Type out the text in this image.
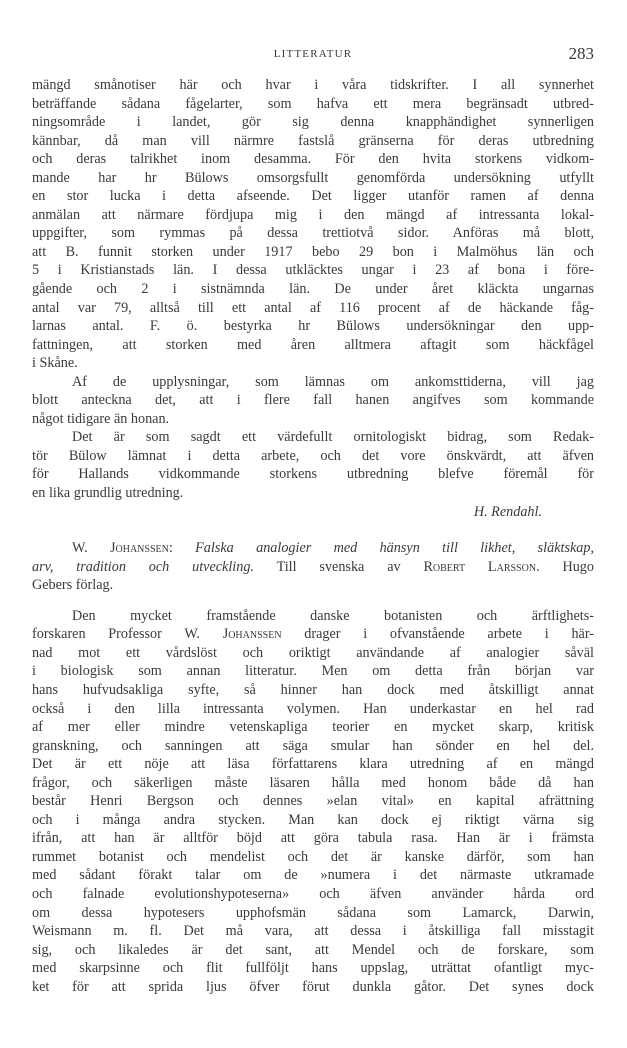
LITTERATUR	283
mängd smånotiser här och hvar i våra tidskrifter. I all synnerhet
beträffande sådana fågelarter, som hafva ett mera begränsadt utbred-
ningsområde i landet, gör sig denna knapphändighet synnerligen
kännbar, då man vill närmre fastslå gränserna för deras utbredning
och deras talrikhet inom desamma. För den hvita storkens vidkom-
mande har hr Bülows omsorgsfullt genomförda undersökning utfyllt
en stor lucka i detta afseende. Det ligger utanför ramen af denna
anmälan att närmare fördjupa mig i den mängd af intressanta lokal-
uppgifter, som rymmas på dessa trettiotvå sidor. Anföras må blott,
att B. funnit storken under 1917 bebo 29 bon i Malmöhus län och
5 i Kristianstads län. I dessa utkläcktes ungar i 23 af bona i före-
gående och 2 i sistnämnda län. De under året kläckta ungarnas
antal var 79, alltså till ett antal af 116 procent af de häckande fåg-
larnas antal. F. ö. bestyrka hr Bülows undersökningar den upp-
fattningen, att storken med åren alltmera aftagit som häckfågel
i Skåne.
Af de upplysningar, som lämnas om ankomsttiderna, vill jag
blott anteckna det, att i flere fall hanen angifves som kommande
något tidigare än honan.
Det är som sagdt ett värdefullt ornitologiskt bidrag, som Redak-
tör Bülow lämnat i detta arbete, och det vore önskvärdt, att äfven
för Hallands vidkommande storkens utbredning blefve föremål för
en lika grundlig utredning.
H. Rendahl.
W. Johanssen: Falska analogier med hänsyn till likhet, släktskap,
arv, tradition och utveckling. Till svenska av Robert Larsson. Hugo
Gebers förlag.
Den mycket framstående danske botanisten och ärftlighets-
forskaren Professor W. Johanssen drager i ofvanstående arbete i här-
nad mot ett vårdslöst och oriktigt användande af analogier såväl
i biologisk som annan litteratur. Men om detta från början var
hans hufvudsakliga syfte, så hinner han dock med åtskilligt annat
också i den lilla intressanta volymen. Han underkastar en hel rad
af mer eller mindre vetenskapliga teorier en mycket skarp, kritisk
granskning, och sanningen att säga smular han sönder en hel del.
Det är ett nöje att läsa författarens klara utredning af en mängd
frågor, och säkerligen måste läsaren hålla med honom både då han
består Henri Bergson och dennes »elan vital» en kapital afrättning
och i många andra stycken. Man kan dock ej riktigt värna sig
ifrån, att han är alltför böjd att göra tabula rasa. Han är i främsta
rummet botanist och mendelist och det är kanske därför, som han
med sådant förakt talar om de »numera i det närmaste utkramade
och falnade evolutionshypoteserna» och äfven använder hårda ord
om dessa hypotesers upphofsmän sådana som Lamarck, Darwin,
Weismann m. fl. Det må vara, att dessa i åtskilliga fall misstagit
sig, och likaledes är det sant, att Mendel och de forskare, som
med skarpsinne och flit fullföljt hans uppslag, uträttat ofantligt myc-
ket för att sprida ljus öfver förut dunkla gåtor. Det synes dock
